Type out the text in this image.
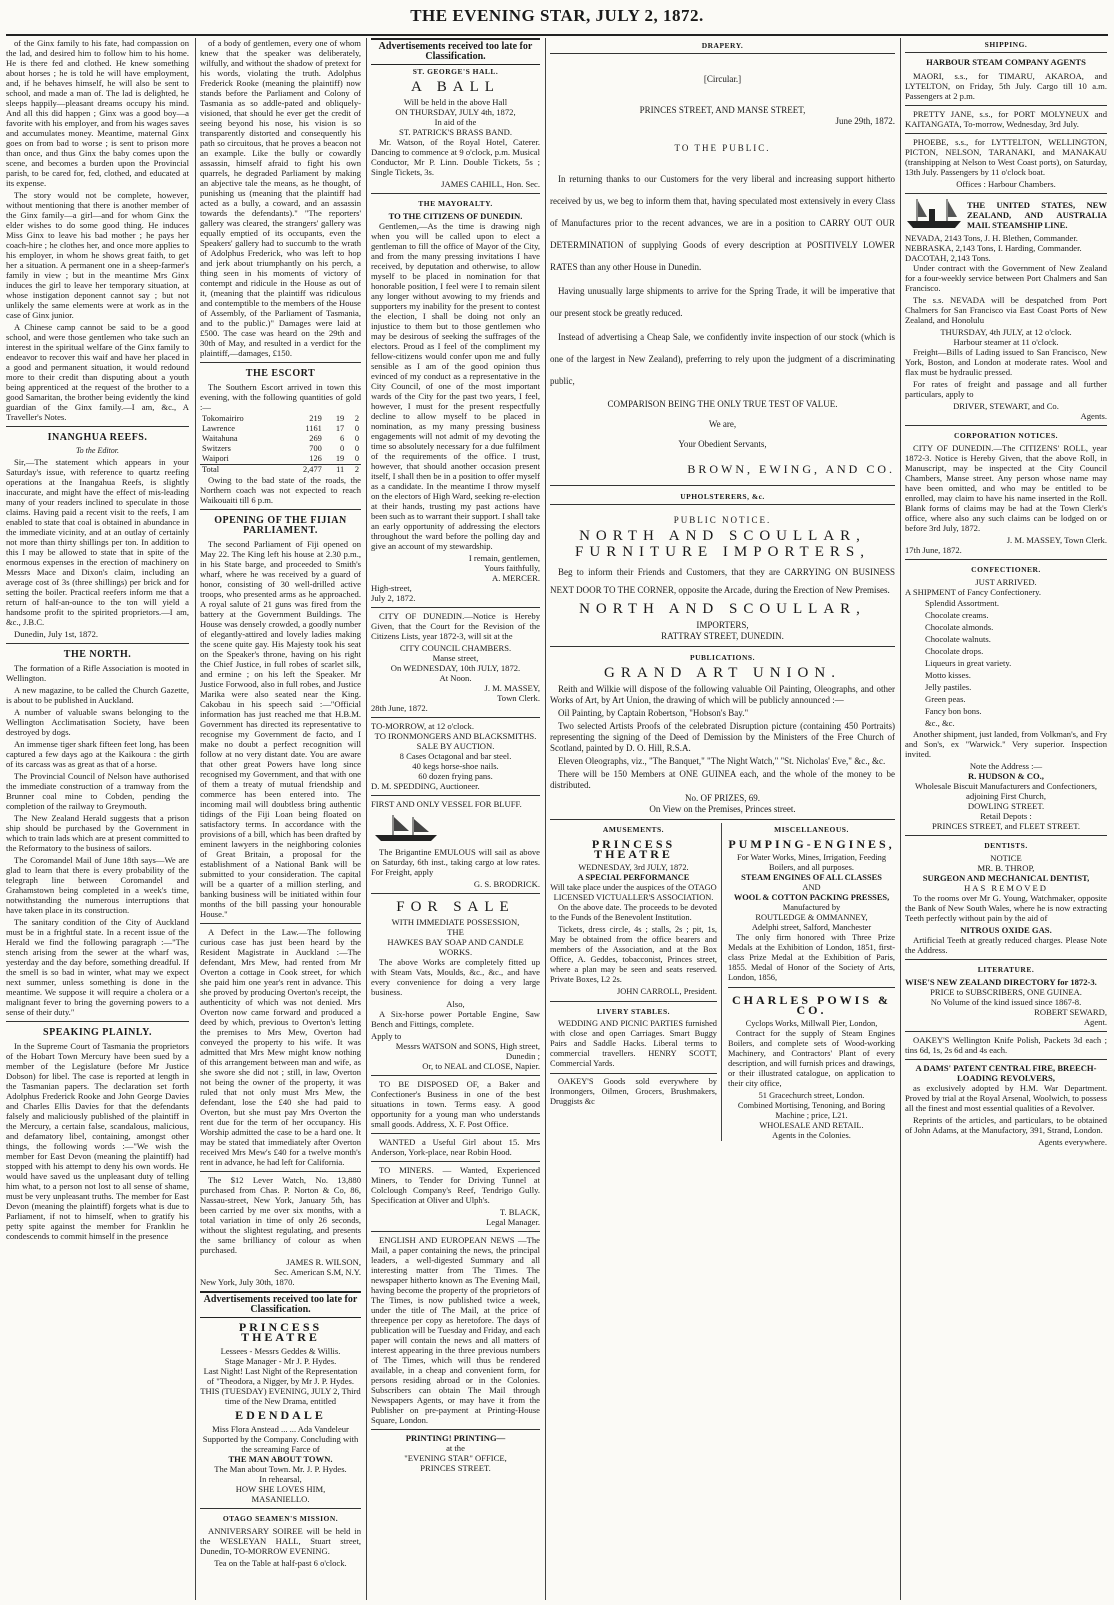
THE EVENING STAR, JULY 2, 1872.

of the Ginx family to his fate, had compassion on the lad, and desired him to follow him to his home. He is there fed and clothed. He knew something about horses ; he is told he will have employment, and, if he behaves himself, he will also be sent to school, and made a man of. The lad is delighted, he sleeps happily—pleasant dreams occupy his mind. And all this did happen ; Ginx was a good boy—a favorite with his employer, and from his wages saves and accumulates money. Meantime, maternal Ginx goes on from bad to worse ; is sent to prison more than once, and thus Ginx the baby comes upon the scene, and becomes a burden upon the Provincial parish, to be cared for, fed, clothed, and educated at its expense.

The story would not be complete, however, without mentioning that there is another member of the Ginx family—a girl—and for whom Ginx the elder wishes to do some good thing. He induces Miss Ginx to leave his bad mother ; he pays her coach-hire ; he clothes her, and once more applies to his employer, in whom he shows great faith, to get her a situation. A permanent one in a sheep-farmer's family in view ; but in the meantime Mrs Ginx induces the girl to leave her temporary situation, at whose instigation deponent cannot say ; but not unlikely the same elements were at work as in the case of Ginx junior.

A Chinese camp cannot be said to be a good school, and were those gentlemen who take such an interest in the spiritual welfare of the Ginx family to endeavor to recover this waif and have her placed in a good and permanent situation, it would redound more to their credit than disputing about a youth being apprenticed at the request of the brother to a good Samaritan, the brother being evidently the kind guardian of the Ginx family.—I am, &c., A Traveller's Notes.

INANGHUA REEFS.
To the Editor.

Sir,—The statement which appears in your Saturday's issue, with reference to quartz reefing operations at the Inangahua Reefs, is slightly inaccurate, and might have the effect of mis-leading many of your readers inclined to speculate in those claims. Having paid a recent visit to the reefs, I am enabled to state that coal is obtained in abundance in the immediate vicinity, and at an outlay of certainly not more than thirty shillings per ton. In addition to this I may be allowed to state that in spite of the enormous expenses in the erection of machinery on Messrs Mace and Dixon's claim, including an average cost of 3s (three shillings) per brick and for setting the boiler. Practical reefers inform me that a return of half-an-ounce to the ton will yield a handsome profit to the spirited proprietors.—I am, &c., J.B.C.

Dunedin, July 1st, 1872.

THE NORTH.

The formation of a Rifle Association is mooted in Wellington.

A new magazine, to be called the Church Gazette, is about to be published in Auckland.

A number of valuable swans belonging to the Wellington Acclimatisation Society, have been destroyed by dogs.

An immense tiger shark fifteen feet long, has been captured a few days ago at the Kaikoura : the girth of its carcass was as great as that of a horse.

The Provincial Council of Nelson have authorised the immediate construction of a tramway from the Brunner coal mine to Cobden, pending the completion of the railway to Greymouth.

The New Zealand Herald suggests that a prison ship should be purchased by the Government in which to train lads which are at present committed to the Reformatory to the business of sailors.

The Coromandel Mail of June 18th says—We are glad to learn that there is every probability of the telegraph line between Coromandel and Grahamstown being completed in a week's time, notwithstanding the numerous interruptions that have taken place in its construction.

The sanitary condition of the City of Auckland must be in a frightful state. In a recent issue of the Herald we find the following paragraph :—"The stench arising from the sewer at the wharf was, yesterday and the day before, something dreadful. If the smell is so bad in winter, what may we expect next summer, unless something is done in the meantime. We suppose it will require a cholera or a malignant fever to bring the governing powers to a sense of their duty."

SPEAKING PLAINLY.

In the Supreme Court of Tasmania the proprietors of the Hobart Town Mercury have been sued by a member of the Legislature (before Mr Justice Dobson) for libel. The case is reported at length in the Tasmanian papers. The declaration set forth Adolphus Frederick Rooke and John George Davies and Charles Ellis Davies for that the defendants falsely and maliciously published of the plaintiff in the Mercury, a certain false, scandalous, malicious, and defamatory libel, containing, amongst other things, the following words :—"We wish the member for East Devon (meaning the plaintiff) had stopped with his attempt to deny his own words. He would have saved us the unpleasant duty of telling him what, to a person not lost to all sense of shame, must be very unpleasant truths. The member for East Devon (meaning the plaintiff) forgets what is due to Parliament, if not to himself, when to gratify his petty spite against the member for Franklin he condescends to commit himself in the presence

of a body of gentlemen, every one of whom knew that the speaker was deliberately, wilfully, and without the shadow of pretext for his words, violating the truth. Adolphus Frederick Rooke (meaning the plaintiff) now stands before the Parliament and Colony of Tasmania as so addle-pated and obliquely-visioned, that should he ever get the credit of seeing beyond his nose, his vision is so transparently distorted and consequently his path so circuitous, that he proves a beacon not an example. Like the bully or cowardly assassin, himself afraid to fight his own quarrels, he degraded Parliament by making an abjective tale the means, as he thought, of punishing us (meaning that the plaintiff had acted as a bully, a coward, and an assassin towards the defendants)." "The reporters' gallery was cleared, the strangers' gallery was equally emptied of its occupants, even the Speakers' gallery had to succumb to the wrath of Adolphus Frederick, who was left to hop and jerk about triumphantly on his perch, a thing seen in his moments of victory of contempt and ridicule in the House as out of it, (meaning that the plaintiff was ridiculous and contemptible to the members of the House of Assembly, of the Parliament of Tasmania, and to the public.)" Damages were laid at £500. The case was heard on the 29th and 30th of May, and resulted in a verdict for the plaintiff,—damages, £150.

THE ESCORT

The Southern Escort arrived in town this evening, with the following quantities of gold :—

Tokomairiro	219	19	2
Lawrence	1161	17	0
Waitahuna	269	6	0
Switzers	700	0	0
Waipori	126	19	0
Total	2,477	11	2

Owing to the bad state of the roads, the Northern coach was not expected to reach Waikouaiti till 6 p.m.

OPENING OF THE FIJIAN PARLIAMENT.

The second Parliament of Fiji opened on May 22. The King left his house at 2.30 p.m., in his State barge, and proceeded to Smith's wharf, where he was received by a guard of honor, consisting of 30 well-drilled active troops, who presented arms as he approached. A royal salute of 21 guns was fired from the battery at the Government Buildings. The House was densely crowded, a goodly number of elegantly-attired and lovely ladies making the scene quite gay. His Majesty took his seat on the Speaker's throne, having on his right the Chief Justice, in full robes of scarlet silk, and ermine ; on his left the Speaker. Mr Justice Forwood, also in full robes, and Justice Marika were also seated near the King. Cakobau in his speech said :—"Official information has just reached me that H.B.M. Government has directed its representative to recognise my Government de facto, and I make no doubt a perfect recognition will follow at no very distant date. You are aware that other great Powers have long since recognised my Government, and that with one of them a treaty of mutual friendship and commerce has been entered into. The incoming mail will doubtless bring authentic tidings of the Fiji Loan being floated on satisfactory terms. In accordance with the provisions of a bill, which has been drafted by eminent lawyers in the neighboring colonies of Great Britain, a proposal for the establishment of a National Bank will be submitted to your consideration. The capital will be a quarter of a million sterling, and banking business will be initiated within four months of the bill passing your honourable House."

A Defect in the Law.—The following curious case has just been heard by the Resident Magistrate in Auckland :—The defendant, Mrs Mew, had rented from Mr Overton a cottage in Cook street, for which she paid him one year's rent in advance. This she proved by producing Overton's receipt, the authenticity of which was not denied. Mrs Overton now came forward and produced a deed by which, previous to Overton's letting the premises to Mrs Mew, Overton had conveyed the property to his wife. It was admitted that Mrs Mew might know nothing of this arrangement between man and wife, as she swore she did not ; still, in law, Overton not being the owner of the property, it was ruled that not only must Mrs Mew, the defendant, lose the £40 she had paid to Overton, but she must pay Mrs Overton the rent due for the term of her occupancy. His Worship admitted the case to be a hard one. It may be stated that immediately after Overton received Mrs Mew's £40 for a twelve month's rent in advance, he had left for California.

The $12 Lever Watch, No. 13,880 purchased from Chas. P. Norton & Co, 86, Nassau-street, New York, January 5th, has been carried by me over six months, with a total variation in time of only 26 seconds, without the slightest regulating, and presents the same brilliancy of colour as when purchased.

JAMES R. WILSON,
Sec. American S.M, N.Y.
New York, July 30th, 1870.
Advertisements received too late for Classification.
PRINCESS THEATRE
Lessees - Messrs Geddes & Willis.
Stage Manager - Mr J. P. Hydes.
Last Night! Last Night of the Representation of "Theodora, a Nigger, by Mr J. P. Hydes.
THIS (TUESDAY) EVENING, JULY 2, Third time of the New Drama, entitled
EDENDALE
Miss Flora Anstead ... ... Ada Vandeleur
Supported by the Company. Concluding with the screaming Farce of
THE MAN ABOUT TOWN.
The Man about Town. Mr. J. P. Hydes.
In rehearsal,
HOW SHE LOVES HIM,
MASANIELLO.
OTAGO SEAMEN'S MISSION.

ANNIVERSARY SOIREE will be held in the WESLEYAN HALL, Stuart street, Dunedin, TO-MORROW EVENING.

Tea on the Table at half-past 6 o'clock.
Advertisements received too late for Classification.
ST. GEORGE'S HALL.
A BALL
Will be held in the above Hall
ON THURSDAY, JULY 4th, 1872,
In aid of the
ST. PATRICK'S BRASS BAND.

Mr. Watson, of the Royal Hotel, Caterer. Dancing to commence at 9 o'clock, p.m. Musical Conductor, Mr P. Linn. Double Tickets, 5s ; Single Tickets, 3s.

JAMES CAHILL, Hon. Sec.
THE MAYORALTY.
TO THE CITIZENS OF DUNEDIN.

Gentlemen,—As the time is drawing nigh when you will be called upon to elect a gentleman to fill the office of Mayor of the City, and from the many pressing invitations I have received, by deputation and otherwise, to allow myself to be placed in nomination for that honorable position, I feel were I to remain silent any longer without avowing to my friends and supporters my inability for the present to contest the election, I shall be doing not only an injustice to them but to those gentlemen who may be desirous of seeking the suffrages of the electors. Proud as I feel of the compliment my fellow-citizens would confer upon me and fully sensible as I am of the good opinion thus evinced of my conduct as a representative in the City Council, of one of the most important wards of the City for the past two years, I feel, however, I must for the present respectfully decline to allow myself to be placed in nomination, as my many pressing business engagements will not admit of my devoting the time so absolutely necessary for a due fulfilment of the requirements of the office. I trust, however, that should another occasion present itself, I shall then be in a position to offer myself as a candidate. In the meantime I throw myself on the electors of High Ward, seeking re-election at their hands, trusting my past actions have been such as to warrant their support. I shall take an early opportunity of addressing the electors throughout the ward before the polling day and give an account of my stewardship.

I remain, gentlemen,
Yours faithfully,
A. MERCER.
High-street,
July 2, 1872.

CITY OF DUNEDIN.—Notice is Hereby Given, that the Court for the Revision of the Citizens Lists, year 1872-3, will sit at the

CITY COUNCIL CHAMBERS.
Manse street,
On WEDNESDAY, 10th JULY, 1872.
At Noon.
J. M. MASSEY,
Town Clerk.
28th June, 1872.
TO-MORROW, at 12 o'clock.
TO IRONMONGERS AND BLACKSMITHS.
SALE BY AUCTION.
8 Cases Octagonal and bar steel.
40 kegs horse-shoe nails.
60 dozen frying pans.
D. M. SPEDDING, Auctioneer.
FIRST AND ONLY VESSEL FOR BLUFF.

The Brigantine EMULOUS will sail as above on Saturday, 6th inst., taking cargo at low rates. For Freight, apply

G. S. BRODRICK.
FOR SALE
WITH IMMEDIATE POSSESSION,
THE
HAWKES BAY SOAP AND CANDLE WORKS.

The above Works are completely fitted up with Steam Vats, Moulds, &c., &c., and have every convenience for doing a very large business.

Also,

A Six-horse power Portable Engine, Saw Bench and Fittings, complete.

Apply to
Messrs WATSON and SONS, High street, Dunedin ;
Or, to NEAL and CLOSE, Napier.

TO BE DISPOSED OF, a Baker and Confectioner's Business in one of the best situations in town. Terms easy. A good opportunity for a young man who understands small goods. Address, X. F. Post Office.

WANTED a Useful Girl about 15. Mrs Anderson, York-place, near Robin Hood.

TO MINERS. — Wanted, Experienced Miners, to Tender for Driving Tunnel at Colclough Company's Reef, Tendrigo Gully. Specification at Oliver and Ulph's.

T. BLACK,
Legal Manager.

ENGLISH AND EUROPEAN NEWS —The Mail, a paper containing the news, the principal leaders, a well-digested Summary and all interesting matter from The Times. The newspaper hitherto known as The Evening Mail, having become the property of the proprietors of The Times, is now published twice a week, under the title of The Mail, at the price of threepence per copy as heretofore. The days of publication will be Tuesday and Friday, and each paper will contain the news and all matters of interest appearing in the three previous numbers of The Times, which will thus be rendered available, in a cheap and convenient form, for persons residing abroad or in the Colonies. Subscribers can obtain The Mail through Newspapers Agents, or may have it from the Publisher on pre-payment at Printing-House Square, London.

PRINTING! PRINTING—
at the
"EVENING STAR" OFFICE,
PRINCES STREET.
DRAPERY.
[Circular.]
PRINCES STREET, AND MANSE STREET,
June 29th, 1872.
TO THE PUBLIC.

In returning thanks to our Customers for the very liberal and increasing support hitherto received by us, we beg to inform them that, having speculated most extensively in every Class of Manufactures prior to the recent advances, we are in a position to CARRY OUT OUR DETERMINATION of supplying Goods of every description at POSITIVELY LOWER RATES than any other House in Dunedin.

Having unusually large shipments to arrive for the Spring Trade, it will be imperative that our present stock be greatly reduced.

Instead of advertising a Cheap Sale, we confidently invite inspection of our stock (which is one of the largest in New Zealand), preferring to rely upon the judgment of a discriminating public,

COMPARISON BEING THE ONLY TRUE TEST OF VALUE.
We are,
Your Obedient Servants,
BROWN, EWING, AND CO.
UPHOLSTERERS, &c.
PUBLIC NOTICE.
NORTH AND SCOULLAR,
FURNITURE IMPORTERS,

Beg to inform their Friends and Customers, that they are CARRYING ON BUSINESS NEXT DOOR TO THE CORNER, opposite the Arcade, during the Erection of New Premises.

NORTH AND SCOULLAR,
IMPORTERS,
RATTRAY STREET, DUNEDIN.
PUBLICATIONS.
GRAND ART UNION.

Reith and Wilkie will dispose of the following valuable Oil Painting, Oleographs, and other Works of Art, by Art Union, the drawing of which will be publicly announced :—

Oil Painting, by Captain Robertson, "Hobson's Bay."

Two selected Artists Proofs of the celebrated Disruption picture (containing 450 Portraits) representing the signing of the Deed of Demission by the Ministers of the Free Church of Scotland, painted by D. O. Hill, R.S.A.

Eleven Oleographs, viz., "The Banquet," "The Night Watch," "St. Nicholas' Eve," &c., &c.

There will be 150 Members at ONE GUINEA each, and the whole of the money to be distributed.

No. OF PRIZES, 69.
On View on the Premises, Princes street.
AMUSEMENTS.
PRINCESS THEATRE
WEDNESDAY, 3rd JULY, 1872.
A SPECIAL PERFORMANCE
Will take place under the auspices of the OTAGO LICENSED VICTUALLER'S ASSOCIATION.

On the above date. The proceeds to be devoted to the Funds of the Benevolent Institution.

Tickets, dress circle, 4s ; stalls, 2s ; pit, 1s, May be obtained from the office bearers and members of the Association, and at the Box Office, A. Geddes, tobacconist, Princes street, where a plan may be seen and seats reserved. Private Boxes, L2 2s.

JOHN CARROLL, President.
LIVERY STABLES.

WEDDING AND PICNIC PARTIES furnished with close and open Carriages. Smart Buggy Pairs and Saddle Hacks. Liberal terms to commercial travellers. HENRY SCOTT, Commercial Yards.

OAKEY'S Goods sold everywhere by Ironmongers, Oilmen, Grocers, Brushmakers, Druggists &c

MISCELLANEOUS.
PUMPING-ENGINES,
For Water Works, Mines, Irrigation, Feeding Boilers, and all purposes.
STEAM ENGINES OF ALL CLASSES
AND
WOOL & COTTON PACKING PRESSES,
Manufactured by
ROUTLEDGE & OMMANNEY,
Adelphi street, Salford, Manchester

The only firm honored with Three Prize Medals at the Exhibition of London, 1851, first-class Prize Medal at the Exhibition of Paris, 1855. Medal of Honor of the Society of Arts, London, 1856,

CHARLES POWIS & CO.
Cyclops Works, Millwall Pier, London,

Contract for the supply of Steam Engines Boilers, and complete sets of Wood-working Machinery, and Contractors' Plant of every description, and will furnish prices and drawings, or their illustrated catalogue, on application to their city office,

51 Gracechurch street, London.
Combined Mortising, Tenoning, and Boring Machine ; price, L21.
WHOLESALE AND RETAIL.
Agents in the Colonies.
SHIPPING.
HARBOUR STEAM COMPANY AGENTS

MAORI, s.s., for TIMARU, AKAROA, and LYTELTON, on Friday, 5th July. Cargo till 10 a.m. Passengers at 2 p.m.

PRETTY JANE, s.s., for PORT MOLYNEUX and KAITANGATA, To-morrow, Wednesday, 3rd July.

PHOEBE, s.s., for LYTTELTON, WELLINGTON, PICTON, NELSON, TARANAKI, and MANAKAU (transhipping at Nelson to West Coast ports), on Saturday, 13th July. Passengers by 11 o'clock boat.

Offices : Harbour Chambers.
THE UNITED STATES, NEW ZEALAND, AND AUSTRALIA MAIL STEAMSHIP LINE.
NEVADA, 2143 Tons, J. H. Blethen, Commander.
NEBRASKA, 2,143 Tons, I. Harding, Commander.
DACOTAH, 2,143 Tons.

Under contract with the Government of New Zealand for a four-weekly service between Port Chalmers and San Francisco.

The s.s. NEVADA will be despatched from Port Chalmers for San Francisco via East Coast Ports of New Zealand, and Honolulu

THURSDAY, 4th JULY, at 12 o'clock.
Harbour steamer at 11 o'clock.

Freight—Bills of Lading issued to San Francisco, New York, Boston, and London at moderate rates. Wool and flax must be hydraulic pressed.

For rates of freight and passage and all further particulars, apply to

DRIVER, STEWART, and Co.
Agents.
CORPORATION NOTICES.

CITY OF DUNEDIN.—The CITIZENS' ROLL, year 1872-3. Notice is Hereby Given, that the above Roll, in Manuscript, may be inspected at the City Council Chambers, Manse street. Any person whose name may have been omitted, and who may be entitled to be enrolled, may claim to have his name inserted in the Roll. Blank forms of claims may be had at the Town Clerk's office, where also any such claims can be lodged on or before 3rd July, 1872.

J. M. MASSEY, Town Clerk.
17th June, 1872.
CONFECTIONER.
JUST ARRIVED.
A SHIPMENT of Fancy Confectionery.
Splendid Assortment.
Chocolate creams.
Chocolate almonds.
Chocolate walnuts.
Chocolate drops.
Liqueurs in great variety.
Motto kisses.
Jelly pastiles.
Green peas.
Fancy bon bons.
&c., &c.

Another shipment, just landed, from Volkman's, and Fry and Son's, ex "Warwick." Very superior. Inspection invited.

Note the Address :—
R. HUDSON & CO.,
Wholesale Biscuit Manufacturers and Confectioners, adjoining First Church,
DOWLING STREET.
Retail Depots :
PRINCES STREET, and FLEET STREET.
DENTISTS.
NOTICE
MR. B. THROP,
SURGEON AND MECHANICAL DENTIST,
HAS REMOVED

To the rooms over Mr G. Young, Watchmaker, opposite the Bank of New South Wales, where he is now extracting Teeth perfectly without pain by the aid of

NITROUS OXIDE GAS.

Artificial Teeth at greatly reduced charges. Please Note the Address.

LITERATURE.
WISE'S NEW ZEALAND DIRECTORY for 1872-3.
PRICE to SUBSCRIBERS, ONE GUINEA.
No Volume of the kind issued since 1867-8.
ROBERT SEWARD,
Agent.

OAKEY'S Wellington Knife Polish, Packets 3d each ; tins 6d, 1s, 2s 6d and 4s each.

A DAMS' PATENT CENTRAL FIRE, BREECH-LOADING REVOLVERS,

as exclusively adopted by H.M. War Department. Proved by trial at the Royal Arsenal, Woolwich, to possess all the finest and most essential qualities of a Revolver.

Reprints of the articles, and particulars, to be obtained of John Adams, at the Manufactory, 391, Strand, London.

Agents everywhere.
